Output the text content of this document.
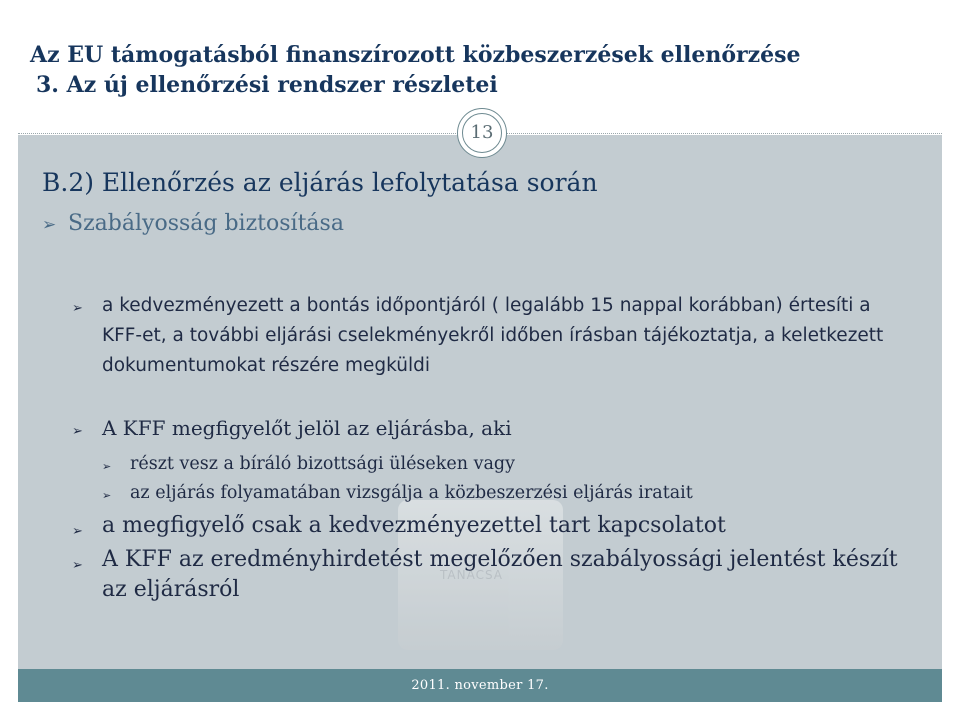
Az EU támogatásból finanszírozott közbeszerzések ellenőrzése
3. Az új ellenőrzési rendszer részletei
TANÁCSA
13
B.2) Ellenőrzés az eljárás lefolytatása során
➢ Szabályosság biztosítása
➢	a kedvezményezett a bontás időpontjáról ( legalább 15 nappal korábban) értesíti a KFF-et, a további eljárási cselekményekről időben írásban tájékoztatja, a keletkezett dokumentumokat részére megküldi
➢ A KFF megfigyelőt jelöl az eljárásba, aki
➢	részt vesz a bíráló bizottsági üléseken vagy
➢	az eljárás folyamatában vizsgálja a közbeszerzési eljárás iratait
➢ a megfigyelő csak a kedvezményezettel tart kapcsolatot
➢ A KFF az eredményhirdetést megelőzően szabályossági jelentést készít az eljárásról
2011. november 17.
